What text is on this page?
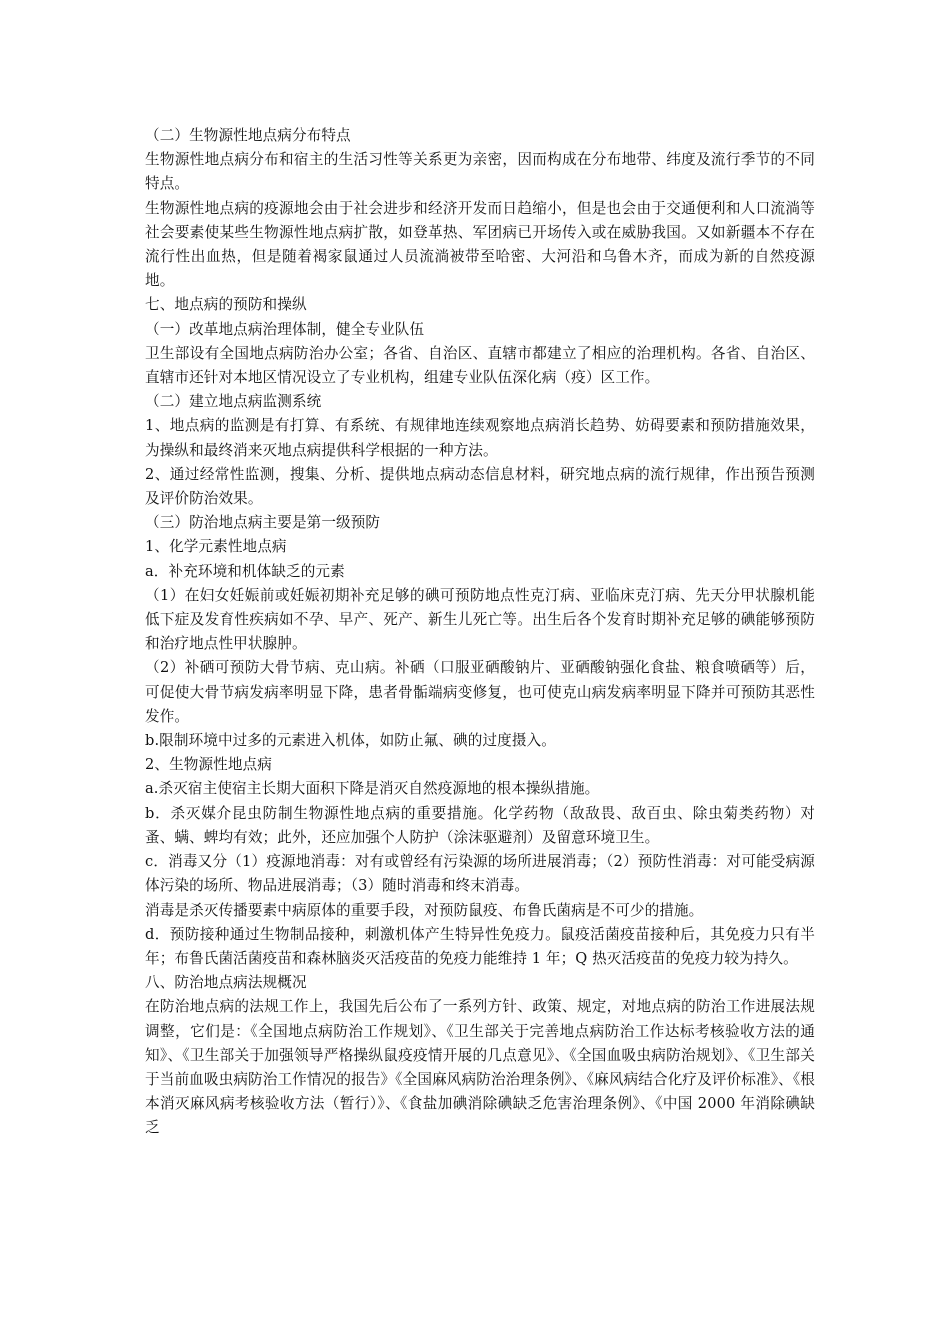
（二）生物源性地点病分布特点

生物源性地点病分布和宿主的生活习性等关系更为亲密，因而构成在分布地带、纬度及流行季节的不同特点。

生物源性地点病的疫源地会由于社会进步和经济开发而日趋缩小，但是也会由于交通便利和人口流淌等社会要素使某些生物源性地点病扩散，如登革热、军团病已开场传入或在威胁我国。又如新疆本不存在流行性出血热，但是随着褐家鼠通过人员流淌被带至哈密、大河沿和乌鲁木齐，而成为新的自然疫源地。

七、地点病的预防和操纵

（一）改革地点病治理体制，健全专业队伍

卫生部设有全国地点病防治办公室；各省、自治区、直辖市都建立了相应的治理机构。各省、自治区、直辖市还针对本地区情况设立了专业机构，组建专业队伍深化病（疫）区工作。

（二）建立地点病监测系统

1、地点病的监测是有打算、有系统、有规律地连续观察地点病消长趋势、妨碍要素和预防措施效果，为操纵和最终消来灭地点病提供科学根据的一种方法。

2、通过经常性监测，搜集、分析、提供地点病动态信息材料，研究地点病的流行规律，作出预告预测及评价防治效果。

（三）防治地点病主要是第一级预防

1、化学元素性地点病

a．补充环境和机体缺乏的元素

（1）在妇女妊娠前或妊娠初期补充足够的碘可预防地点性克汀病、亚临床克汀病、先天分甲状腺机能低下症及发育性疾病如不孕、早产、死产、新生儿死亡等。出生后各个发育时期补充足够的碘能够预防和治疗地点性甲状腺肿。

（2）补硒可预防大骨节病、克山病。补硒（口服亚硒酸钠片、亚硒酸钠强化食盐、粮食喷硒等）后，可促使大骨节病发病率明显下降，患者骨骺端病变修复，也可使克山病发病率明显下降并可预防其恶性发作。

b.限制环境中过多的元素进入机体，如防止氟、碘的过度摄入。

2、生物源性地点病

a.杀灭宿主使宿主长期大面积下降是消灭自然疫源地的根本操纵措施。

b．杀灭媒介昆虫防制生物源性地点病的重要措施。化学药物（敌敌畏、敌百虫、除虫菊类药物）对蚤、螨、蜱均有效；此外，还应加强个人防护（涂沫驱避剂）及留意环境卫生。

c．消毒又分（1）疫源地消毒：对有或曾经有污染源的场所进展消毒；（2）预防性消毒：对可能受病源体污染的场所、物品进展消毒；（3）随时消毒和终末消毒。

消毒是杀灭传播要素中病原体的重要手段，对预防鼠疫、布鲁氏菌病是不可少的措施。

d．预防接种通过生物制品接种，刺激机体产生特异性免疫力。鼠疫活菌疫苗接种后，其免疫力只有半年；布鲁氏菌活菌疫苗和森林脑炎灭活疫苗的免疫力能维持 1 年；Q 热灭活疫苗的免疫力较为持久。

八、防治地点病法规概况

在防治地点病的法规工作上，我国先后公布了一系列方针、政策、规定，对地点病的防治工作进展法规调整，它们是：《全国地点病防治工作规划》、《卫生部关于完善地点病防治工作达标考核验收方法的通知》、《卫生部关于加强领导严格操纵鼠疫疫情开展的几点意见》、《全国血吸虫病防治规划》、《卫生部关于当前血吸虫病防治工作情况的报告》《全国麻风病防治治理条例》、《麻风病结合化疗及评价标准》、《根本消灭麻风病考核验收方法（暂行）》、《食盐加碘消除碘缺乏危害治理条例》、《中国 2000 年消除碘缺乏
